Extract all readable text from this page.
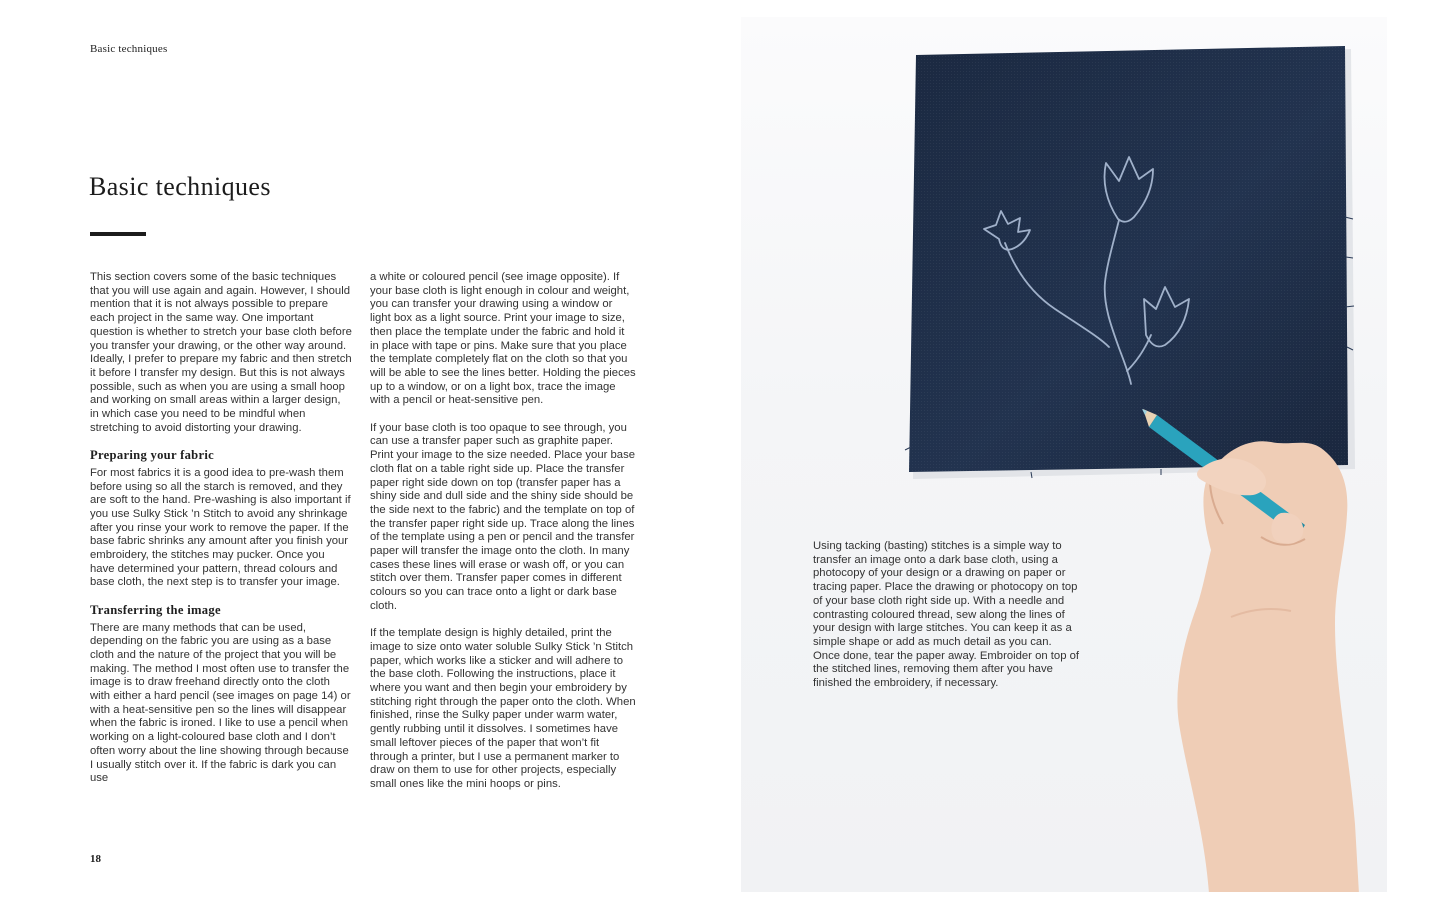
Basic techniques
Basic techniques

This section covers some of the basic techniques that you will use again and again. However, I should mention that it is not always possible to prepare each project in the same way. One important question is whether to stretch your base cloth before you transfer your drawing, or the other way around. Ideally, I prefer to prepare my fabric and then stretch it before I transfer my design. But this is not always possible, such as when you are using a small hoop and working on small areas within a larger design, in which case you need to be mindful when stretching to avoid distorting your drawing.

Preparing your fabric

For most fabrics it is a good idea to pre-wash them before using so all the starch is removed, and they are soft to the hand. Pre-washing is also important if you use Sulky Stick ’n Stitch to avoid any shrinkage after you rinse your work to remove the paper. If the base fabric shrinks any amount after you finish your embroidery, the stitches may pucker. Once you have determined your pattern, thread colours and base cloth, the next step is to transfer your image.

Transferring the image

There are many methods that can be used, depending on the fabric you are using as a base cloth and the nature of the project that you will be making. The method I most often use to transfer the image is to draw freehand directly onto the cloth with either a hard pencil (see images on page 14) or with a heat-sensitive pen so the lines will disappear when the fabric is ironed. I like to use a pencil when working on a light-coloured base cloth and I don’t often worry about the line showing through because I usually stitch over it. If the fabric is dark you can use

a white or coloured pencil (see image opposite). If your base cloth is light enough in colour and weight, you can transfer your drawing using a window or light box as a light source. Print your image to size, then place the template under the fabric and hold it in place with tape or pins. Make sure that you place the template completely flat on the cloth so that you will be able to see the lines better. Holding the pieces up to a window, or on a light box, trace the image with a pencil or heat-sensitive pen.

If your base cloth is too opaque to see through, you can use a transfer paper such as graphite paper. Print your image to the size needed. Place your base cloth flat on a table right side up. Place the transfer paper right side down on top (transfer paper has a shiny side and dull side and the shiny side should be the side next to the fabric) and the template on top of the transfer paper right side up. Trace along the lines of the template using a pen or pencil and the transfer paper will transfer the image onto the cloth. In many cases these lines will erase or wash off, or you can stitch over them. Transfer paper comes in different colours so you can trace onto a light or dark base cloth.

If the template design is highly detailed, print the image to size onto water soluble Sulky Stick ’n Stitch paper, which works like a sticker and will adhere to the base cloth. Following the instructions, place it where you want and then begin your embroidery by stitching right through the paper onto the cloth. When finished, rinse the Sulky paper under warm water, gently rubbing until it dissolves. I sometimes have small leftover pieces of the paper that won’t fit through a printer, but I use a permanent marker to draw on them to use for other projects, especially small ones like the mini hoops or pins.

18

Using tacking (basting) stitches is a simple way to transfer an image onto a dark base cloth, using a photocopy of your design or a drawing on paper or tracing paper. Place the drawing or photocopy on top of your base cloth right side up. With a needle and contrasting coloured thread, sew along the lines of your design with large stitches. You can keep it as a simple shape or add as much detail as you can. Once done, tear the paper away. Embroider on top of the stitched lines, removing them after you have finished the embroidery, if necessary.
